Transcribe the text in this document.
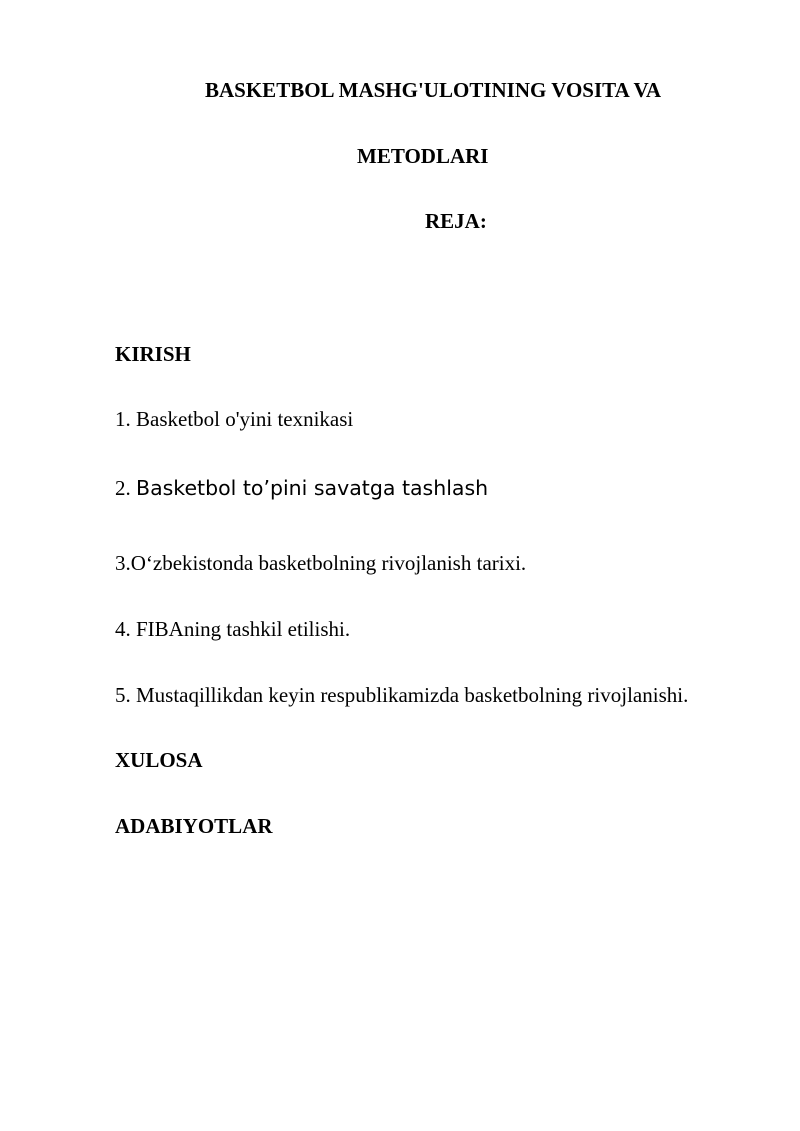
BASKETBOL MASHG'ULOTINING VOSITA VA
METODLARI
REJA:
KIRISH
1. Basketbol o'yini texnikasi
2. Basketbol to’pini savatga tashlash
3.O‘zbekistonda basketbolning rivojlanish tarixi.
4. FIBAning tashkil etilishi.
5. Mustaqillikdan keyin respublikamizda basketbolning rivojlanishi.
XULOSA
ADABIYOTLAR
